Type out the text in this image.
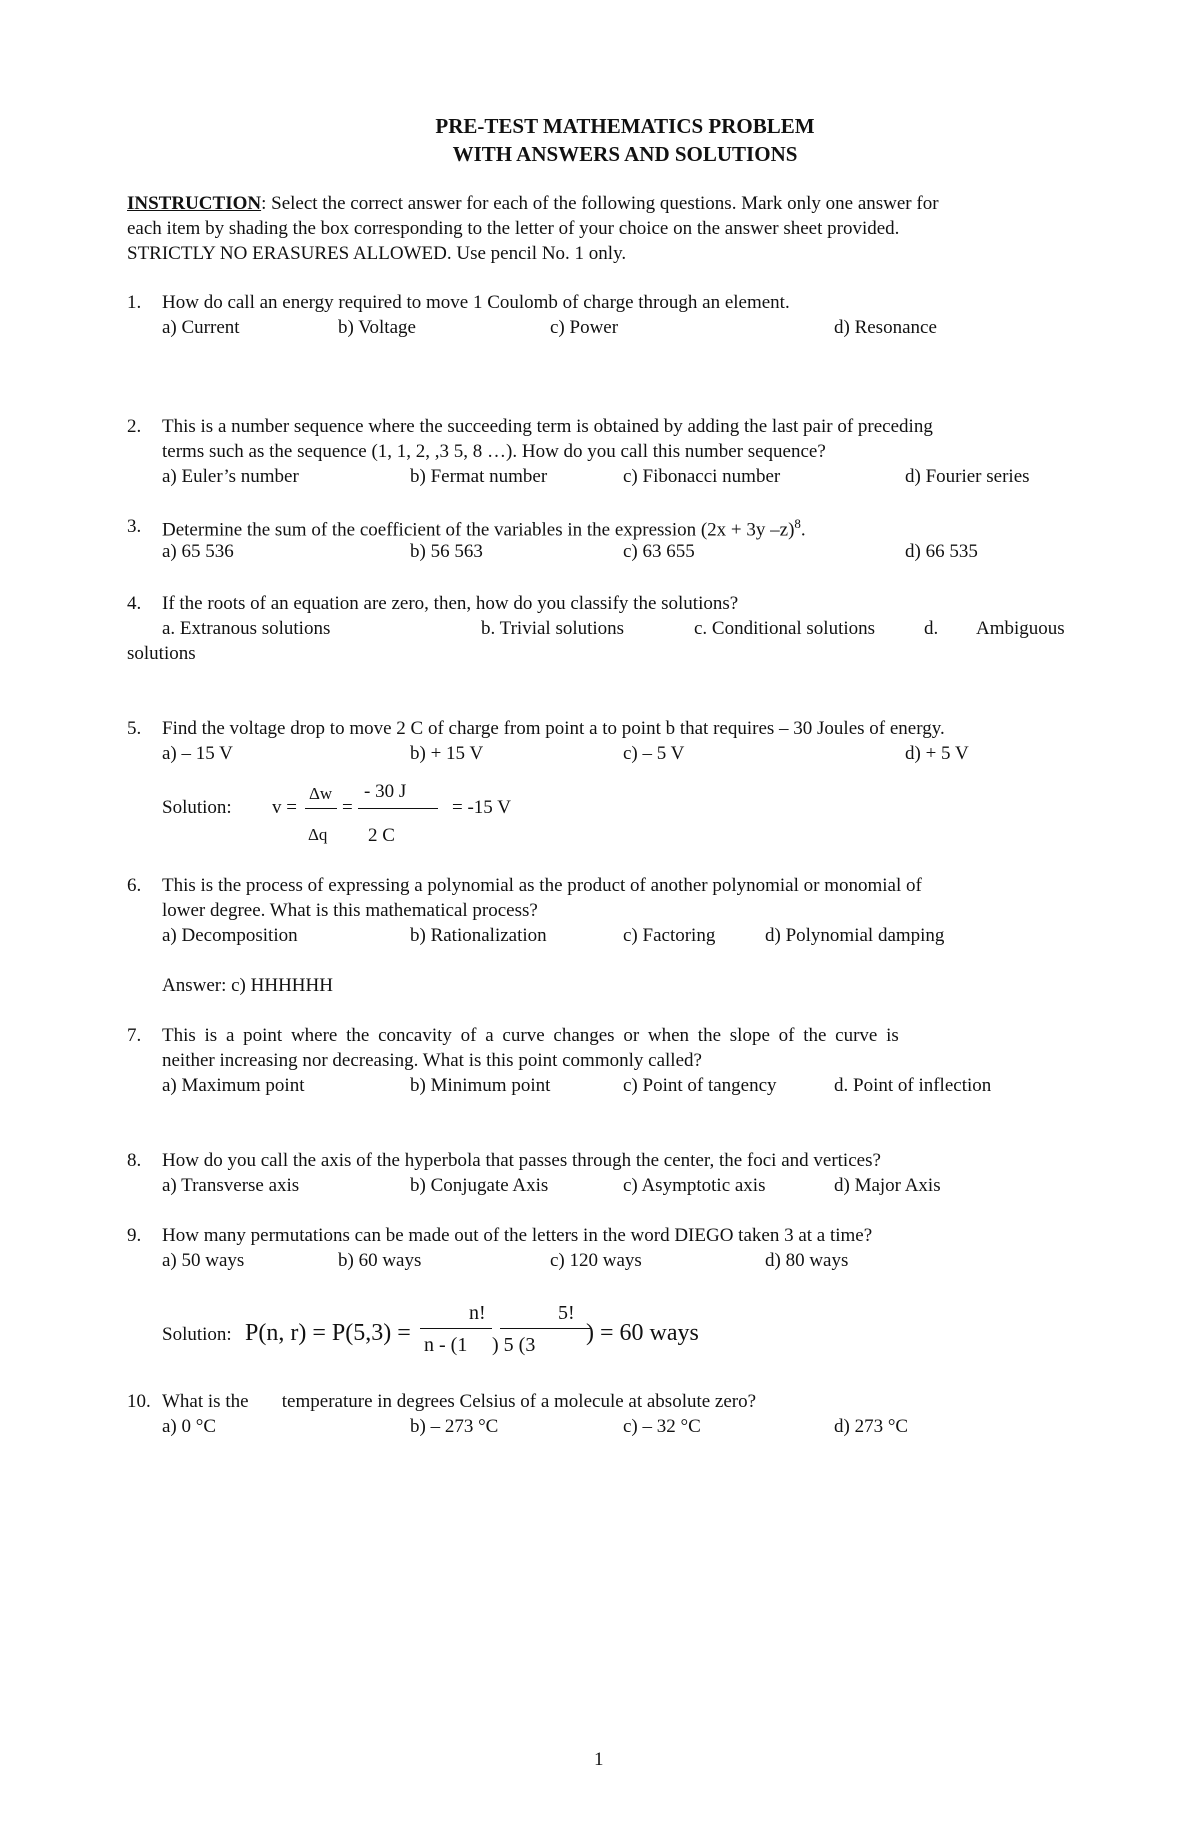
PRE-TEST MATHEMATICS PROBLEM
WITH ANSWERS AND SOLUTIONS
INSTRUCTION: Select the correct answer for each of the following questions. Mark only one answer for
each item by shading the box corresponding to the letter of your choice on the answer sheet provided.
STRICTLY NO ERASURES ALLOWED. Use pencil No. 1 only.
1. How do call an energy required to move 1 Coulomb of charge through an element.
a) Current	b) Voltage	c) Power	d) Resonance
2. This is a number sequence where the succeeding term is obtained by adding the last pair of preceding
terms such as the sequence (1, 1, 2, ,3 5, 8 …). How do you call this number sequence?
a) Euler’s number	b) Fermat number	c) Fibonacci number	d) Fourier series
3. Determine the sum of the coefficient of the variables in the expression (2x + 3y –z)$^8$.
a) 65 536	b) 56 563	c) 63 655	d) 66 535
4. If the roots of an equation are zero, then, how do you classify the solutions?
a. Extranous solutions	b. Trivial solutions	c. Conditional solutions	d. Ambiguous
solutions
5. Find the voltage drop to move 2 C of charge from point a to point b that requires – 30 Joules of energy.
a) – 15 V	b) + 15 V	c) – 5 V	d) + 5 V
Solution: v =
Δw
Δq
=
- 30 J
2 C
= -15 V
6. This is the process of expressing a polynomial as the product of another polynomial or monomial of
lower degree. What is this mathematical process?
a) Decomposition	b) Rationalization	c) Factoring	d) Polynomial damping
Answer: c) HHHHHH
7. This is a point where the concavity of a curve changes or when the slope of the curve is
neither increasing nor decreasing. What is this point commonly called?
a) Maximum point	b) Minimum point	c) Point of tangency	d. Point of inflection
8. How do you call the axis of the hyperbola that passes through the center, the foci and vertices?
a) Transverse axis	b) Conjugate Axis	c) Asymptotic axis	d) Major Axis
9. How many permutations can be made out of the letters in the word DIEGO taken 3 at a time?
a) 50 ways	b) 60 ways	c) 120 ways	d) 80 ways
Solution: P(n, r) = P(5,3) =
n!
n - (1 ) 5 (3
5!
) = 60 ways
10. What is the       temperature in degrees Celsius of a molecule at absolute zero?
a) 0 °C	b) – 273 °C	c) – 32 °C	d) 273 °C
1
